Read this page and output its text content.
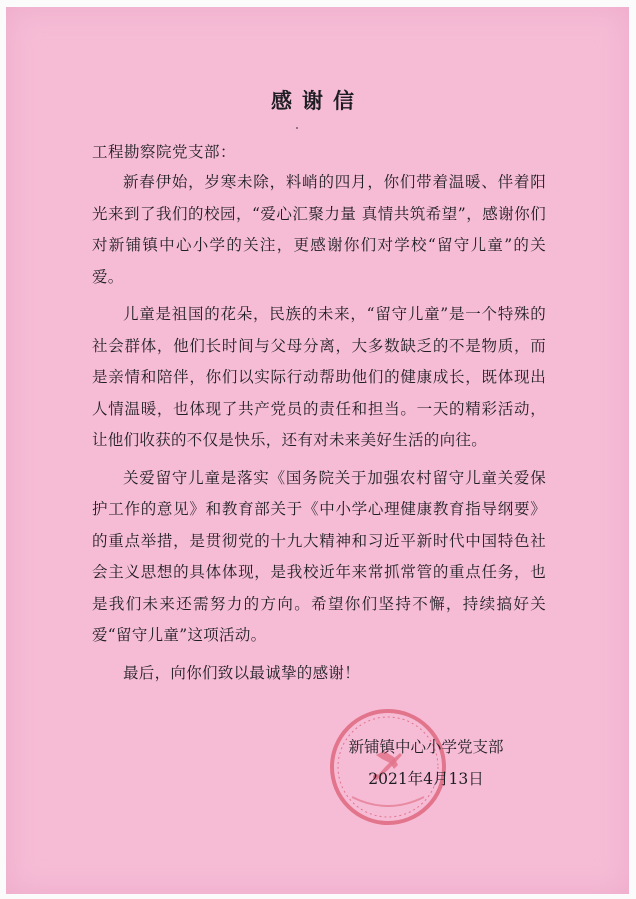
感谢信

工程勘察院党支部：

新春伊始，岁寒未除，料峭的四月，你们带着温暖、伴着阳光来到了我们的校园，“爱心汇聚力量 真情共筑希望”，感谢你们对新铺镇中心小学的关注，更感谢你们对学校“留守儿童”的关爱。

儿童是祖国的花朵，民族的未来，“留守儿童”是一个特殊的社会群体，他们长时间与父母分离，大多数缺乏的不是物质，而是亲情和陪伴，你们以实际行动帮助他们的健康成长，既体现出人情温暖，也体现了共产党员的责任和担当。一天的精彩活动，让他们收获的不仅是快乐，还有对未来美好生活的向往。

关爱留守儿童是落实《国务院关于加强农村留守儿童关爱保护工作的意见》和教育部关于《中小学心理健康教育指导纲要》的重点举措，是贯彻党的十九大精神和习近平新时代中国特色社会主义思想的具体体现，是我校近年来常抓常管的重点任务，也是我们未来还需努力的方向。希望你们坚持不懈，持续搞好关爱“留守儿童”这项活动。

最后，向你们致以最诚挚的感谢！

新铺镇中心小学党支部

2021年4月13日
